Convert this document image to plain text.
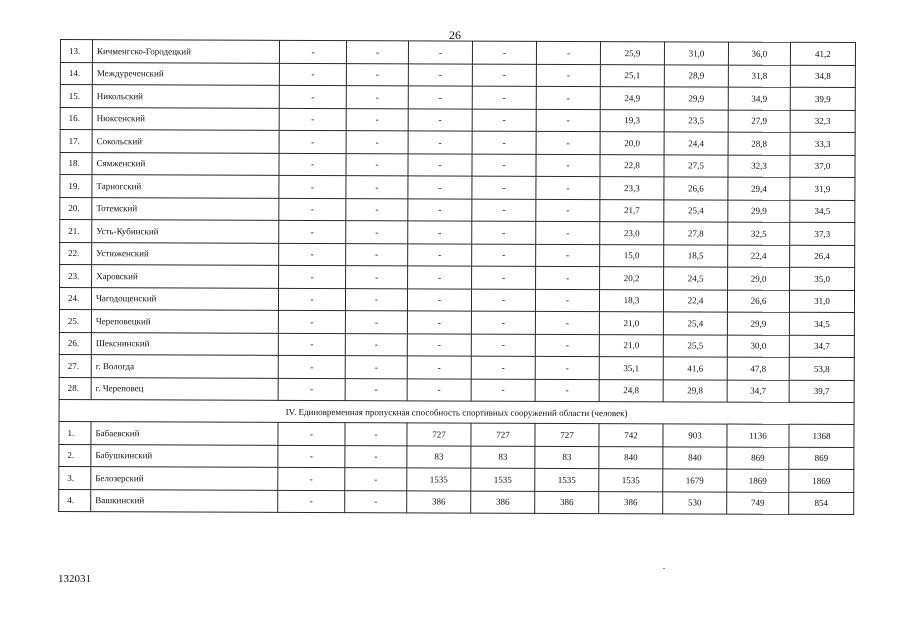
26
13.	Кичменгско-Городецкий	-	-	-	-	-	25,9	31,0	36,0	41,2
14.	Междуреченский	-	-	-	-	-	25,1	28,9	31,8	34,8
15.	Никольский	-	-	-	-	-	24,9	29,9	34,9	39,9
16.	Нюксенский	-	-	-	-	-	19,3	23,5	27,9	32,3
17.	Сокольский	-	-	-	-	-	20,0	24,4	28,8	33,3
18.	Сямженский	-	-	-	-	-	22,8	27,5	32,3	37,0
19.	Тарногский	-	-	-	-	-	23,3	26,6	29,4	31,9
20.	Тотемский	-	-	-	-	-	21,7	25,4	29,9	34,5
21.	Усть-Кубинский	-	-	-	-	-	23,0	27,8	32,5	37,3
22.	Устюженский	-	-	-	-	-	15,0	18,5	22,4	26,4
23.	Харовский	-	-	-	-	-	20,2	24,5	29,0	35,0
24.	Чагодощенский	-	-	-	-	-	18,3	22,4	26,6	31,0
25.	Череповецкий	-	-	-	-	-	21,0	25,4	29,9	34,5
26.	Шекснинский	-	-	-	-	-	21,0	25,5	30,0	34,7
27.	г. Вологда	-	-	-	-	-	35,1	41,6	47,8	53,8
28.	г. Череповец	-	-	-	-	-	24,8	29,8	34,7	39,7
IV. Единовременная пропускная способность спортивных сооружений области (человек)										
1.	Бабаевский	-	-	727	727	727	742	903	1136	1368
2.	Бабушкинский	-	-	83	83	83	840	840	869	869
3.	Белозерский	-	-	1535	1535	1535	1535	1679	1869	1869
4.	Вашкинский	-	-	386	386	386	386	530	749	854
132031
